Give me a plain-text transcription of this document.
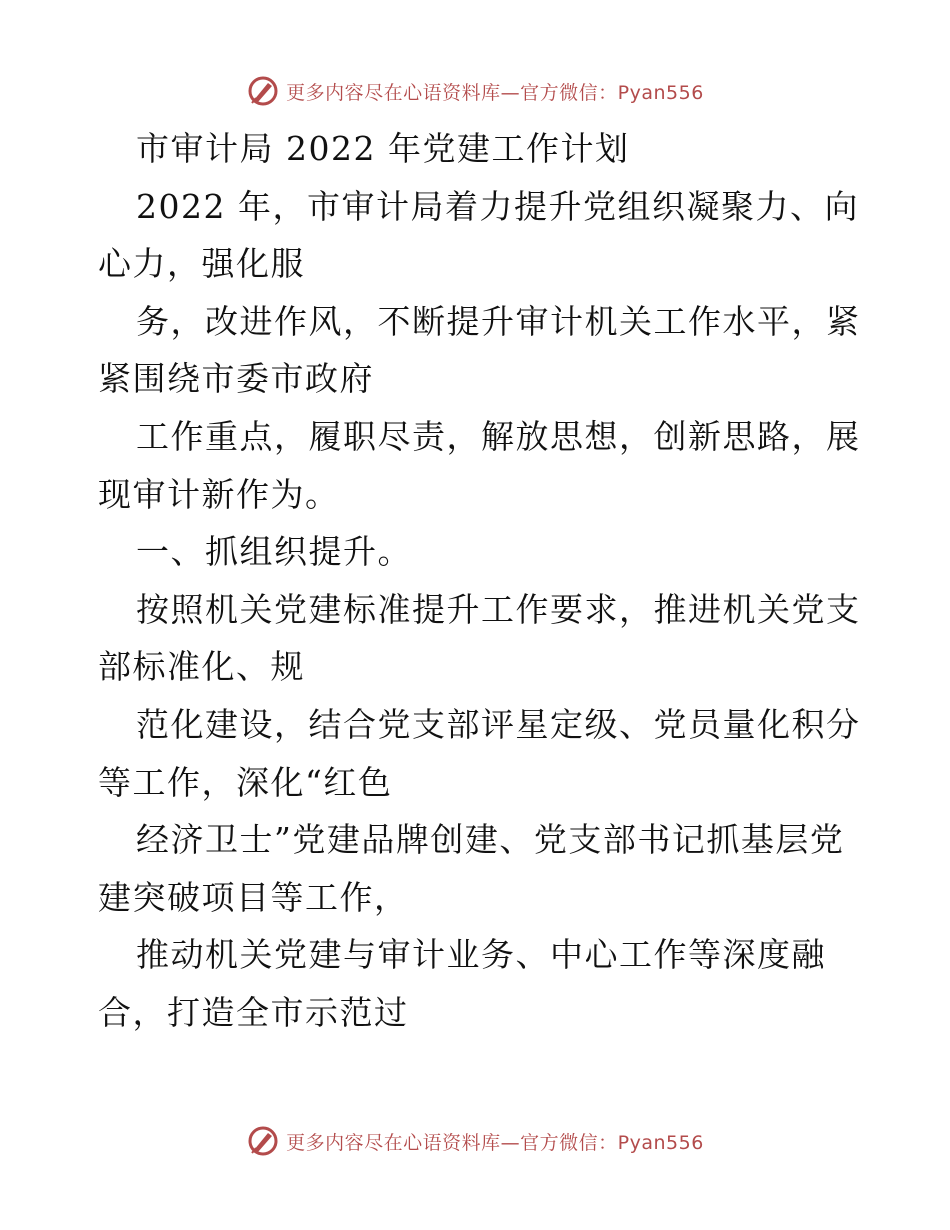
更多内容尽在心语资料库—官方微信：Pyan556
市审计局 2022 年党建工作计划
2022 年，市审计局着力提升党组织凝聚力、向
心力，强化服
务，改进作风，不断提升审计机关工作水平，紧
紧围绕市委市政府
工作重点，履职尽责，解放思想，创新思路，展
现审计新作为。
一、抓组织提升。
按照机关党建标准提升工作要求，推进机关党支
部标准化、规
范化建设，结合党支部评星定级、党员量化积分
等工作，深化“红色
经济卫士”党建品牌创建、党支部书记抓基层党
建突破项目等工作，
推动机关党建与审计业务、中心工作等深度融
合，打造全市示范过
更多内容尽在心语资料库—官方微信：Pyan556
